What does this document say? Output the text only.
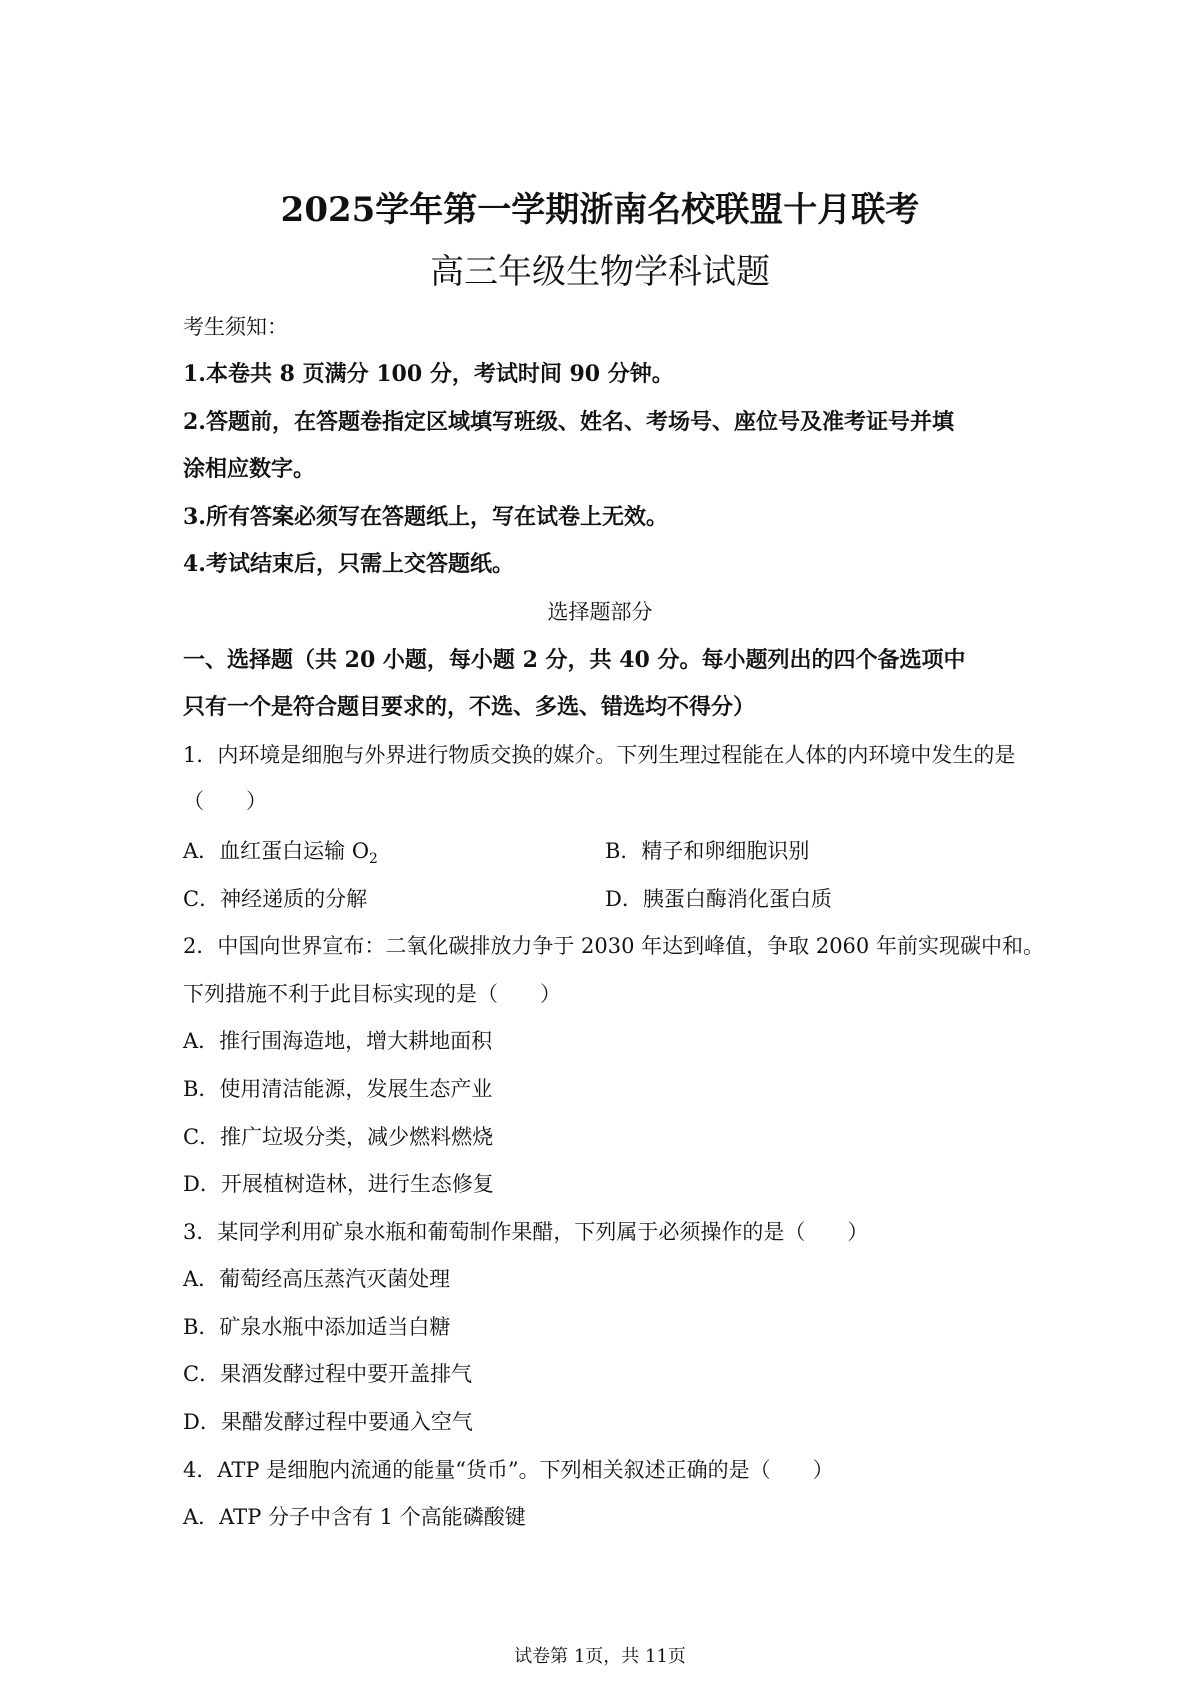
2025学年第一学期浙南名校联盟十月联考
高三年级生物学科试题
考生须知：
1.本卷共 8 页满分 100 分，考试时间 90 分钟。
2.答题前，在答题卷指定区域填写班级、姓名、考场号、座位号及准考证号并填
涂相应数字。
3.所有答案必须写在答题纸上，写在试卷上无效。
4.考试结束后，只需上交答题纸。
选择题部分
一、选择题（共 20 小题，每小题 2 分，共 40 分。每小题列出的四个备选项中
只有一个是符合题目要求的，不选、多选、错选均不得分）
1．内环境是细胞与外界进行物质交换的媒介。下列生理过程能在人体的内环境中发生的是
（　　）
A．血红蛋白运输 $O_2$	B．精子和卵细胞识别
C．神经递质的分解	D．胰蛋白酶消化蛋白质
2．中国向世界宣布：二氧化碳排放力争于 2030 年达到峰值，争取 2060 年前实现碳中和。
下列措施不利于此目标实现的是（　　）
A．推行围海造地，增大耕地面积
B．使用清洁能源，发展生态产业
C．推广垃圾分类，减少燃料燃烧
D．开展植树造林，进行生态修复
3．某同学利用矿泉水瓶和葡萄制作果醋，下列属于必须操作的是（　　）
A．葡萄经高压蒸汽灭菌处理
B．矿泉水瓶中添加适当白糖
C．果酒发酵过程中要开盖排气
D．果醋发酵过程中要通入空气
4．ATP 是细胞内流通的能量“货币”。下列相关叙述正确的是（　　）
A．ATP 分子中含有 1 个高能磷酸键
试卷第 1页，共 11页
